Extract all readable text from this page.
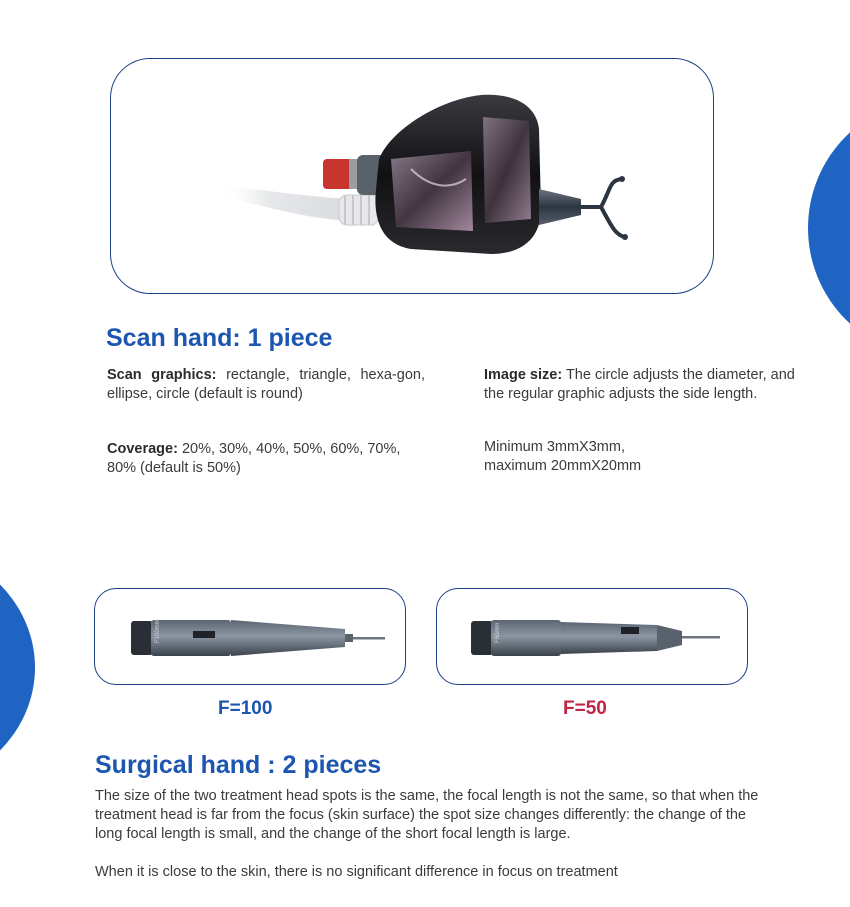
Scan hand: 1 piece

Scan graphics: rectangle, triangle, hexa-gon, ellipse, circle (default is round)

Coverage: 20%, 30%, 40%, 50%, 60%, 70%, 80% (default is 50%)

Image size: The circle adjusts the diameter, and the regular graphic adjusts the side length.

Minimum 3mmX3mm,
maximum 20mmX20mm

F100mm	F50mm
F=100	F=50
Surgical hand : 2 pieces

The size of the two treatment head spots is the same, the focal length is not the same, so that when the treatment head is far from the focus (skin surface) the spot size changes differently: the change of the long focal length is small, and the change of the short focal length is large.

When it is close to the skin, there is no significant difference in focus on treatment
